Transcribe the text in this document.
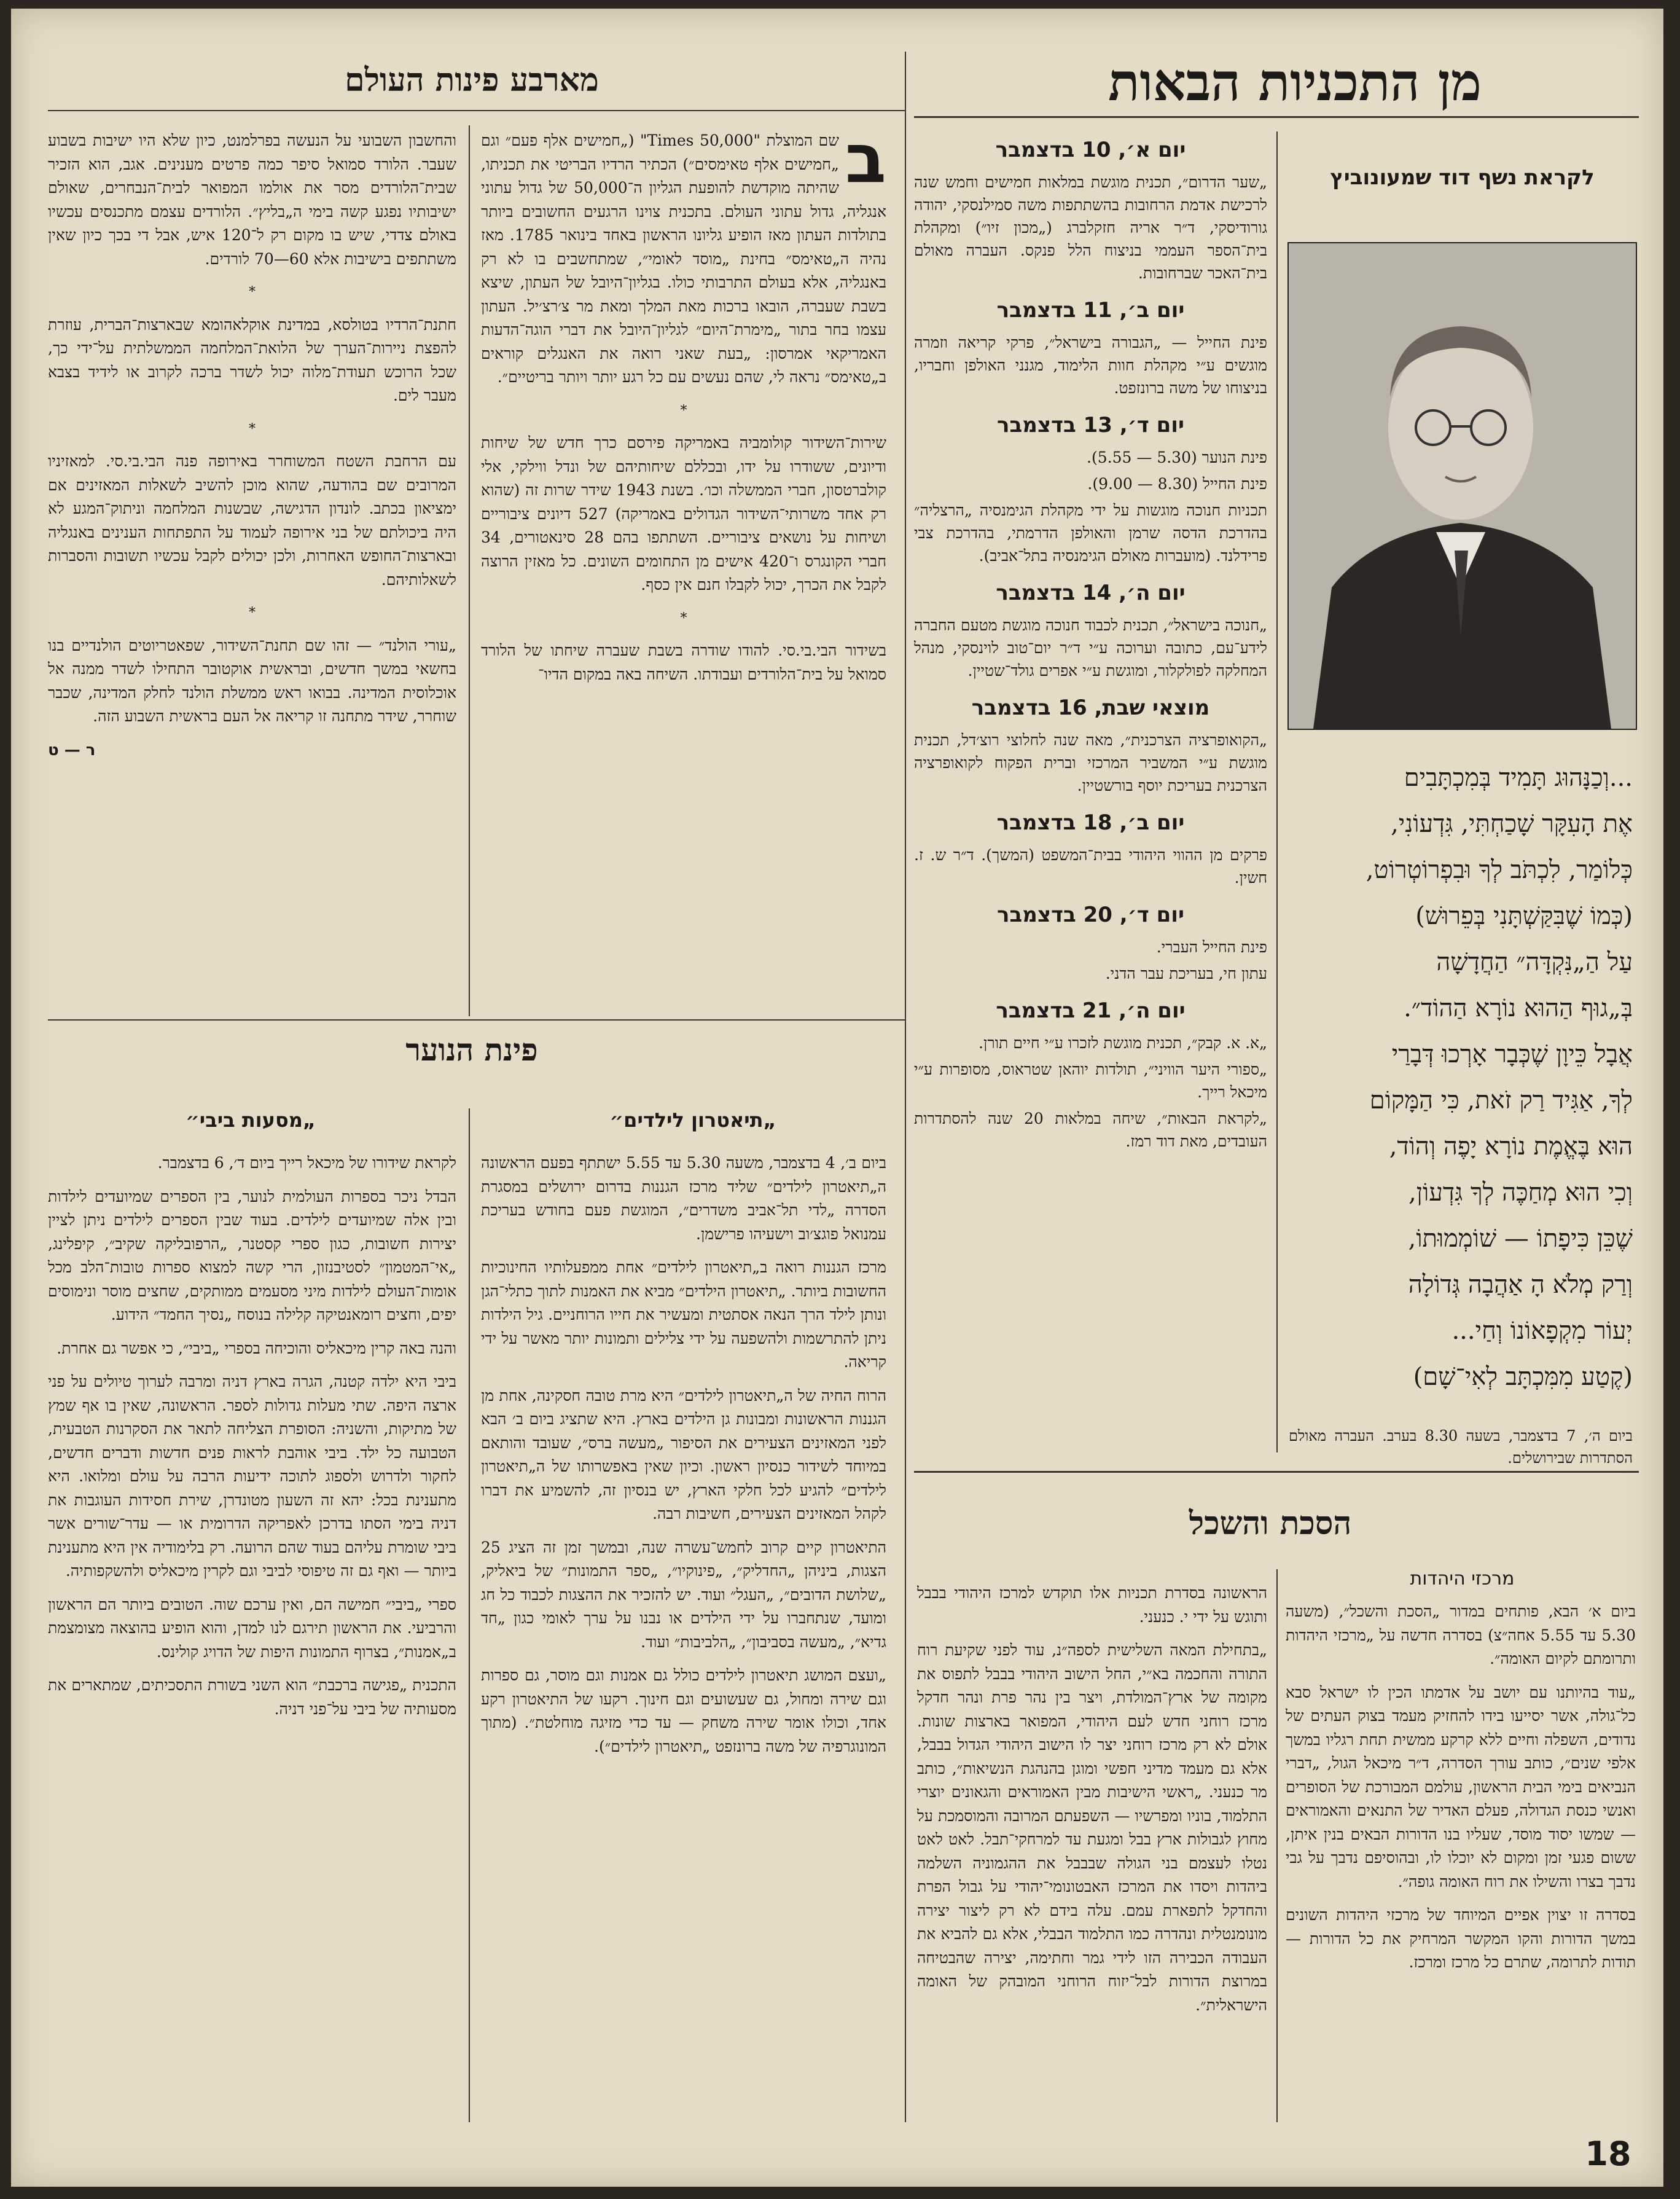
מארבע פינות העולם

ב
שם המוצלת "50,000 Times" („חמישים אלף פעם״ וגם „חמישים אלף טאימסים״) הכתיר הרדיו הבריטי את תכניתו, שהיתה מוקדשת להופעת הגליון ה־50,000 של גדול עתוני אנגליה, גדול עתוני העולם. בתכנית צוינו הרגעים החשובים ביותר בתולדות העתון מאז הופיע גליונו הראשון באחד בינואר 1785. מאז נהיה ה„טאימס״ בחינת „מוסד לאומי״, שמתחשבים בו לא רק באנגליה, אלא בעולם התרבותי כולו. בגליון־היובל של העתון, שיצא בשבת שעברה, הובאו ברכות מאת המלך ומאת מר צ׳רצ׳יל. העתון עצמו בחר בתור „מימרת־היום״ לגליון־היובל את דברי הוגה־הדעות האמריקאי אמרסון: „בעת שאני רואה את האנגלים קוראים ב„טאימס״ נראה לי, שהם נעשים עם כל רגע יותר ויותר בריטיים״.

*

שירות־השידור קולומביה באמריקה פירסם כרך חדש של שיחות ודיונים, ששודרו על ידו, ובכללם שיחותיהם של ונדל ווילקי, אלי קולברטסון, חברי הממשלה וכו׳. בשנת 1943 שידר שרות זה (שהוא רק אחד משרותי־השידור הגדולים באמריקה) 527 דיונים ציבוריים ושיחות על נושאים ציבוריים. השתתפו בהם 28 סינאטורים, 34 חברי הקונגרס ו־420 אישים מן התחומים השונים. כל מאזין הרוצה לקבל את הכרך, יכול לקבלו חנם אין כסף.

*

בשידור הבי.בי.סי. להודו שודרה בשבת שעברה שיחתו של הלורד סמואל על בית־הלורדים ועבודתו. השיחה באה במקום הדיו־

והחשבון השבועי על הנעשה בפרלמנט, כיון שלא היו ישיבות בשבוע שעבר. הלורד סמואל סיפר כמה פרטים מענינים. אגב, הוא הזכיר שבית־הלורדים מסר את אולמו המפואר לבית־הנבחרים, שאולם ישיבותיו נפגע קשה בימי ה„בליץ״. הלורדים עצמם מתכנסים עכשיו באולם צדדי, שיש בו מקום רק ל־120 איש, אבל די בכך כיון שאין משתתפים בישיבות אלא 60—70 לורדים.

*

חתנת־הרדיו בטולסא, במדינת אוקלאהומא שבארצות־הברית, עוזרת להפצת ניירות־הערך של הלואת־המלחמה הממשלתית על־ידי כך, שכל הרוכש תעודת־מלוה יכול לשדר ברכה לקרוב או לידיד בצבא מעבר לים.

*

עם הרחבת השטח המשוחרר באירופה פנה הבי.בי.סי. למאזיניו המרובים שם בהודעה, שהוא מוכן להשיב לשאלות המאזינים אם ימציאון בכתב. לונדון הדגישה, שבשנות המלחמה וניתוק־המגע לא היה ביכולתם של בני אירופה לעמוד על התפתחות הענינים באנגליה ובארצות־החופש האחרות, ולכן יכולים לקבל עכשיו תשובות והסברות לשאלותיהם.

*

„עורי הולנד״ — זהו שם תחנת־השידור, שפאטריוטים הולנדיים בנו בחשאי במשך חדשים, ובראשית אוקטובר התחילו לשדר ממנה אל אוכלוסית המדינה. בבואו ראש ממשלת הולנד לחלק המדינה, שכבר שוחרר, שידר מתחנה זו קריאה אל העם בראשית השבוע הזה.

ר — ט
פינת הנוער
„תיאטרון לילדים״
„מסעות ביבי״

ביום ב׳, 4 בדצמבר, משעה 5.30 עד 5.55 ישתתף בפעם הראשונה ה„תיאטרון לילדים״ שליד מרכז הגננות בדרום ירושלים במסגרת הסדרה „לדי תל־אביב משדרים״, המוגשת פעם בחודש בעריכת עמנואל פוגצ׳וב וישעיהו פרישמן.

מרכז הגננות רואה ב„תיאטרון לילדים״ אחת ממפעלותיו החינוכיות החשובות ביותר. „תיאטרון הילדים״ מביא את האמנות לתוך כתלי־הגן ונותן לילד הרך הנאה אסתטית ומעשיר את חייו הרוחניים. גיל הילדות ניתן להתרשמות ולהשפעה על ידי צלילים ותמונות יותר מאשר על ידי קריאה.

הרוח החיה של ה„תיאטרון לילדים״ היא מרת טובה חסקינה, אחת מן הגננות הראשונות ומבונות גן הילדים בארץ. היא שתציג ביום ב׳ הבא לפני המאזינים הצעירים את הסיפור „מעשה ברס״, שעובד והותאם במיוחד לשידור כנסיון ראשון. וכיון שאין באפשרותו של ה„תיאטרון לילדים״ להגיע לכל חלקי הארץ, יש בנסיון זה, להשמיע את דברו לקהל המאזינים הצעירים, חשיבות רבה.

התיאטרון קיים קרוב לחמש־עשרה שנה, ובמשך זמן זה הציג 25 הצגות, ביניהן „החדליק״, „פינוקיו״, „ספר התמונות״ של ביאליק, „שלושת הדובים״, „העגל״ ועוד. יש להזכיר את ההצגות לכבוד כל חג ומועד, שנתחברו על ידי הילדים או נבנו על ערך לאומי כגון „חד גדיא״, „מעשה בסביבון״, „הלביבות״ ועוד.

„ועצם המושג תיאטרון לילדים כולל גם אמנות וגם מוסר, גם ספרות וגם שירה ומחול, גם שעשועים וגם חינוך. רקעו של התיאטרון רקע אחד, וכולו אומר שירה משחק — עד כדי מזיגה מוחלטת״. (מתוך המונוגרפיה של משה ברונזפט „תיאטרון לילדים״).

לקראת שידורו של מיכאל רייך ביום ד׳, 6 בדצמבר.

הבדל ניכר בספרות העולמית לנוער, בין הספרים שמיועדים לילדות ובין אלה שמיועדים לילדים. בעוד שבין הספרים לילדים ניתן לציין יצירות חשובות, כגון ספרי קסטנר, „הרפובליקה שקיב״, קיפלינג, „אי־המטמון״ לסטיבנזון, הרי קשה למצוא ספרות טובות־הלב מכל אומות־העולם לילדות מיני מסעמים ממותקים, שחצים מוסר ונימוסים יפים, וחצים רומאנטיקה קלילה בנוסח „נסיך החמד״ הידוע.

והנה באה קרין מיכאליס והוכיחה בספרי „ביבי״, כי אפשר גם אחרת.

ביבי היא ילדה קטנה, הגרה בארץ דניה ומרבה לערוך טיולים על פני ארצה היפה. שתי מעלות גדולות לספר. הראשונה, שאין בו אף שמץ של מתיקות, והשניה: הסופרת הצליחה לתאר את הסקרנות הטבעית, הטבועה כל ילד. ביבי אוהבת לראות פנים חדשות ודברים חדשים, לחקור ולדרוש ולספוג לתוכה ידיעות הרבה על עולם ומלואו. היא מתענינת בכל: יהא זה השעון מטונדרן, שירת חסידות העוגבות את דניה בימי הסתו בדרכן לאפריקה הדרומית או — עדר־שורים אשר ביבי שומרת עליהם בעוד שהם הרועה. רק בלימודיה אין היא מתענינת ביותר — ואף גם זה טיפוסי לביבי וגם לקרין מיכאליס ולהשקפותיה.

ספרי „ביבי״ חמישה הם, ואין ערכם שוה. הטובים ביותר הם הראשון והרביעי. את הראשון תירגם לנו למדן, והוא הופיע בהוצאה מצומצמת ב„אמנות״, בצרוף התמונות היפות של הדויג קולינס.

התכנית „פגישה ברכבת״ הוא השני בשורת התסכיתים, שמתארים את מסעותיה של ביבי על־פני דניה.

מן התכניות הבאות
יום א׳, 10 בדצמבר

„שער הדרום״, תכנית מוגשת במלאות חמישים וחמש שנה לרכישת אדמת הרחובות בהשתתפות משה סמילנסקי, יהודה גורודיסקי, ד״ר אריה חזקלברג („מכון זיו״) ומקהלת בית־הספר העממי בניצוח הלל פנקס. העברה מאולם בית־האכר שברחובות.

יום ב׳, 11 בדצמבר

פינת החייל — „הגבורה בישראל״, פרקי קריאה וזמרה מוגשים ע״י מקהלת חוות הלימוד, מגנני האולפן וחבריו, בניצוחו של משה ברונזפט.

יום ד׳, 13 בדצמבר

פינת הנוער (5.30 — 5.55).

פינת החייל (8.30 — 9.00).

תכניות חנוכה מוגשות על ידי מקהלת הגימנסיה „הרצליה״ בהדרכת הדסה שרמן והאולפן הדרמתי, בהדרכת צבי פרידלנד. (מועברות מאולם הגימנסיה בתל־אביב).

יום ה׳, 14 בדצמבר

„חנוכה בישראל״, תכנית לכבוד חנוכה מוגשת מטעם החברה לידע־עם, כתובה וערוכה ע״י ד״ר יום־טוב לוינסקי, מנהל המחלקה לפולקלור, ומוגשת ע״י אפרים גולד־שטיין.

מוצאי שבת, 16 בדצמבר

„הקואופרציה הצרכנית״, מאה שנה לחלוצי רוצ׳דל, תכנית מוגשת ע״י המשביר המרכזי וברית הפקוח לקואופרציה הצרכנית בעריכת יוסף בורשטיין.

יום ב׳, 18 בדצמבר

פרקים מן ההווי היהודי בבית־המשפט (המשך). ד״ר ש. ז. חשין.

יום ד׳, 20 בדצמבר

פינת החייל העברי.

עתון חי, בעריכת עבר הדני.

יום ה׳, 21 בדצמבר

„א. א. קבק״, תכנית מוגשת לזכרו ע״י חיים תורן.

„ספורי היער הוויני״, תולדות יוהאן שטראוס, מסופרות ע״י מיכאל רייך.

„לקראת הבאות״, שיחה במלאות 20 שנה להסתדרות העובדים, מאת דוד רמז.

לקראת נשף דוד שמעונוביץ
...וְכַנָּהוּג תָּמִיד בְּמִכְתָּבִים
אֶת הָעִקָּר שָׁכַחְתִּי, גִּדְעוֹנִי,
כְּלוֹמַר, לִכְתֹּב לְךָ וּבִפְרוֹטְרוֹט,
(כְּמוֹ שֶׁבִּקַּשְׁתָּנִי בְּפֵרוּשׁ)
עַל הַ„נִּקְדָּה״ הַחֲדָשָׁה
בְּ„גוּף הַהוּא נוֹרָא הַהוֹד״.
אֲבָל כֵּיוָן שֶׁכְּבָר אָרְכוּ דְּבָרַי
לְךָ, אַגִּיד רַק זֹאת, כִּי הַמָּקוֹם
הוּא בֶּאֱמֶת נוֹרָא יָפֶה וְהוֹד,
וְכִי הוּא מְחַכֶּה לְךָ גִּדְעוֹן,
שֶׁכֵּן כִּיפָתוֹ — שׁוֹמְמוּתוֹ,
וְרַק מְלֹא הָ אַהֲבָה גְּדוֹלָה
יְעוֹר מִקְפָאוֹנוֹ וְחַי...
(קֶטַע מִמִּכְתָּב לְאִי־שָׁם)
ביום ה׳, 7 בדצמבר, בשעה 8.30 בערב. העברה מאולם הסתדרות שבירושלים.
הסכת והשכל
מרכזי היהדות

ביום א׳ הבא, פותחים במדור „הסכת והשכל״, (משעה 5.30 עד 5.55 אחה״צ) בסדרה חדשה על „מרכזי היהדות ותרומתם לקיום האומה״.

„עוד בהיותנו עם יושב על אדמתו הכין לו ישראל סבא כל־גולה, אשר יסייעו בידו להחזיק מעמד בצוק העתים של נדודים, השפלה וחיים ללא קרקע ממשית תחת רגליו במשך אלפי שנים״, כותב עורך הסדרה, ד״ר מיכאל הגול, „דברי הנביאים בימי הבית הראשון, עולמם המבורכת של הסופרים ואנשי כנסת הגדולה, פעלם האדיר של התנאים והאמוראים — שמשו יסוד מוסד, שעליו בנו הדורות הבאים בנין איתן, ששום פגעי זמן ומקום לא יוכלו לו, ובהוסיפם נדבך על גבי נדבך בצרו והשילו את רוח האומה גופה״.

בסדרה זו יצוין אפיים המיוחד של מרכזי היהדות השונים במשך הדורות והקו המקשר המרחיק את כל הדורות — תודות לתרומה, שתרם כל מרכז ומרכז.

הראשונה בסדרת תכניות אלו תוקדש למרכז היהודי בבבל ותוגש על ידי י. כנעני.

„בתחילת המאה השלישית לספה״נ, עוד לפני שקיעת רוח התורה והחכמה בא״י, החל הישוב היהודי בבבל לתפוס את מקומה של ארץ־המולדת, ויצר בין נהר פרת ונהר חדקל מרכז רוחני חדש לעם היהודי, המפואר בארצות שונות. אולם לא רק מרכז רוחני יצר לו הישוב היהודי הגדול בבבל, אלא גם מעמד מדיני חפשי ומוגן בהנהגת הנשיאות״, כותב מר כנעני. „ראשי הישיבות מבין האמוראים והגאונים יוצרי התלמוד, בוניו ומפרשיו — השפעתם המרובה והמוסמכת על מחוץ לגבולות ארץ בבל ומגעת עד למרחקי־תבל. לאט לאט נטלו לעצמם בני הגולה שבבבל את ההגמוניה השלמה ביהדות ויסדו את המרכז האבטונומי־יהודי על גבול הפרת והחדקל לתפארת עמם. עלה בידם לא רק ליצור יצירה מונומנטלית ונהדרה כמו התלמוד הבבלי, אלא גם להביא את העבודה הכבירה הזו לידי גמר וחתימה, יצירה שהבטיחה במרוצת הדורות לבל־יזוח הרוחני המובהק של האומה הישראלית״.

18
